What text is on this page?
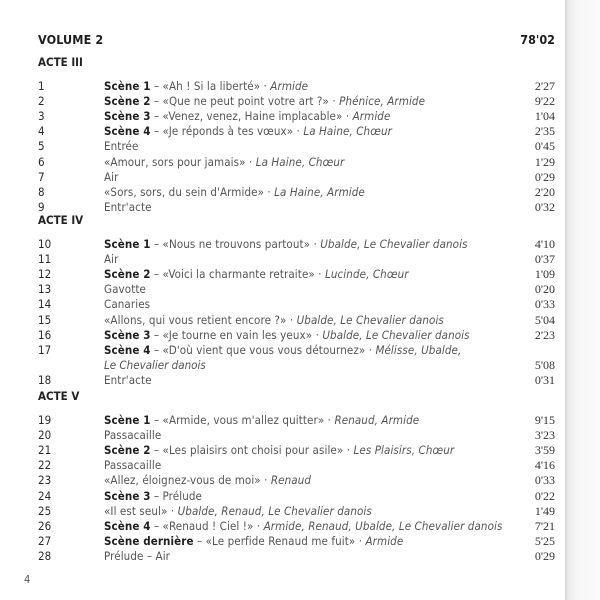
VOLUME 2	78'02
ACTE III
1	Scène 1 – «Ah ! Si la liberté» · Armide	2'27
2	Scène 2 – «Que ne peut point votre art ?» · Phénice, Armide	9'22
3	Scène 3 – «Venez, venez, Haine implacable» · Armide	1'04
4	Scène 4 – «Je réponds à tes vœux» · La Haine, Chœur	2'35
5	Entrée	0'45
6	«Amour, sors pour jamais» · La Haine, Chœur	1'29
7	Air	0'29
8	«Sors, sors, du sein d'Armide» · La Haine, Armide	2'20
9	Entr'acte	0'32
ACTE IV
10	Scène 1 – «Nous ne trouvons partout» · Ubalde, Le Chevalier danois	4'10
11	Air	0'37
12	Scène 2 – «Voici la charmante retraite» · Lucinde, Chœur	1'09
13	Gavotte	0'20
14	Canaries	0'33
15	«Allons, qui vous retient encore ?» · Ubalde, Le Chevalier danois	5'04
16	Scène 3 – «Je tourne en vain les yeux» · Ubalde, Le Chevalier danois	2'23
17	Scène 4 – «D'où vient que vous vous détournez» · Mélisse, Ubalde,
Le Chevalier danois	5'08
18	Entr'acte	0'31
ACTE V
19	Scène 1 – «Armide, vous m'allez quitter» · Renaud, Armide	9'15
20	Passacaille	3'23
21	Scène 2 – «Les plaisirs ont choisi pour asile» · Les Plaisirs, Chœur	3'59
22	Passacaille	4'16
23	«Allez, éloignez-vous de moi» · Renaud	0'33
24	Scène 3 – Prélude	0'22
25	«Il est seul» · Ubalde, Renaud, Le Chevalier danois	1'49
26	Scène 4 – «Renaud ! Ciel !» · Armide, Renaud, Ubalde, Le Chevalier danois	7'21
27	Scène dernière – «Le perfide Renaud me fuit» · Armide	5'25
28	Prélude – Air	0'29
4
